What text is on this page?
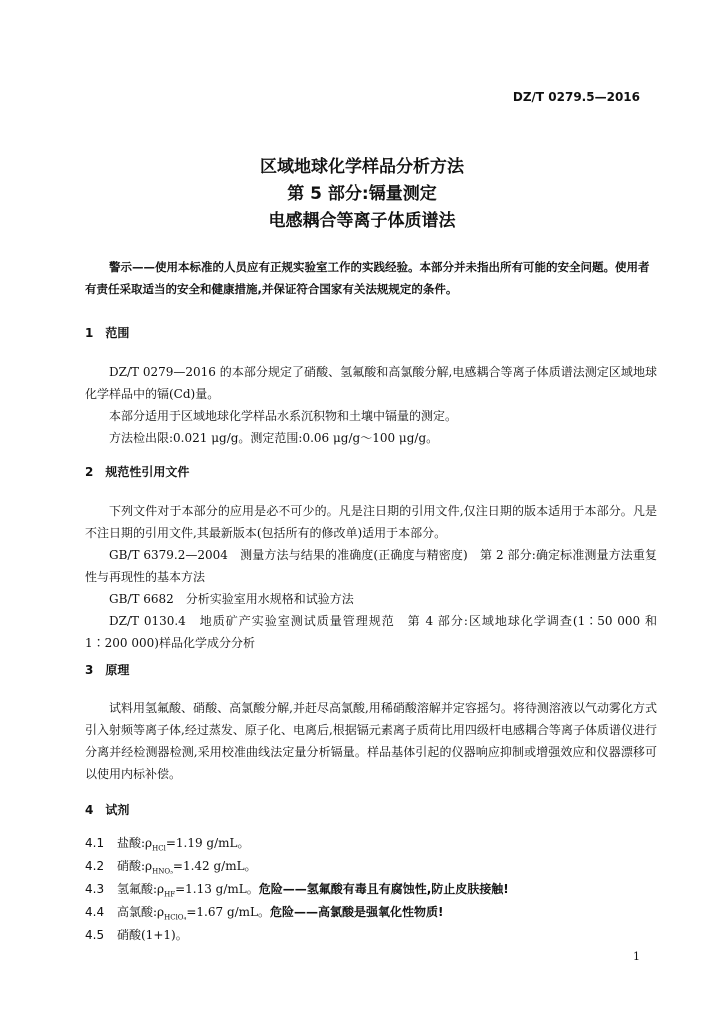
DZ/T 0279.5—2016
区域地球化学样品分析方法
第 5 部分:镉量测定
电感耦合等离子体质谱法
警示——使用本标准的人员应有正规实验室工作的实践经验。本部分并未指出所有可能的安全问题。使用者有责任采取适当的安全和健康措施,并保证符合国家有关法规规定的条件。
1　范围
DZ/T 0279—2016 的本部分规定了硝酸、氢氟酸和高氯酸分解,电感耦合等离子体质谱法测定区域地球化学样品中的镉(Cd)量。
本部分适用于区域地球化学样品水系沉积物和土壤中镉量的测定。
方法检出限:0.021 μg/g。测定范围:0.06 μg/g～100 μg/g。
2　规范性引用文件
下列文件对于本部分的应用是必不可少的。凡是注日期的引用文件,仅注日期的版本适用于本部分。凡是不注日期的引用文件,其最新版本(包括所有的修改单)适用于本部分。
GB/T 6379.2—2004　测量方法与结果的准确度(正确度与精密度)　第 2 部分:确定标准测量方法重复性与再现性的基本方法
GB/T 6682　分析实验室用水规格和试验方法
DZ/T 0130.4　地质矿产实验室测试质量管理规范　第 4 部分:区域地球化学调查(1∶50 000 和 1∶200 000)样品化学成分分析
3　原理
试料用氢氟酸、硝酸、高氯酸分解,并赶尽高氯酸,用稀硝酸溶解并定容摇匀。将待测溶液以气动雾化方式引入射频等离子体,经过蒸发、原子化、电离后,根据镉元素离子质荷比用四级杆电感耦合等离子体质谱仪进行分离并经检测器检测,采用校准曲线法定量分析镉量。样品基体引起的仪器响应抑制或增强效应和仪器漂移可以使用内标补偿。
4　试剂
4.1 盐酸$:\rho_{HCl}=1.19$ g/mL。
4.2 硝酸$:\rho_{HNO_3}=1.42$ g/mL。
4.3 氢氟酸$:\rho_{HF}=1.13$ g/mL。危险——氢氟酸有毒且有腐蚀性,防止皮肤接触!
4.4 高氯酸$:\rho_{HClO_4}=1.67$ g/mL。危险——高氯酸是强氧化性物质!
4.5 硝酸(1+1)。
1
